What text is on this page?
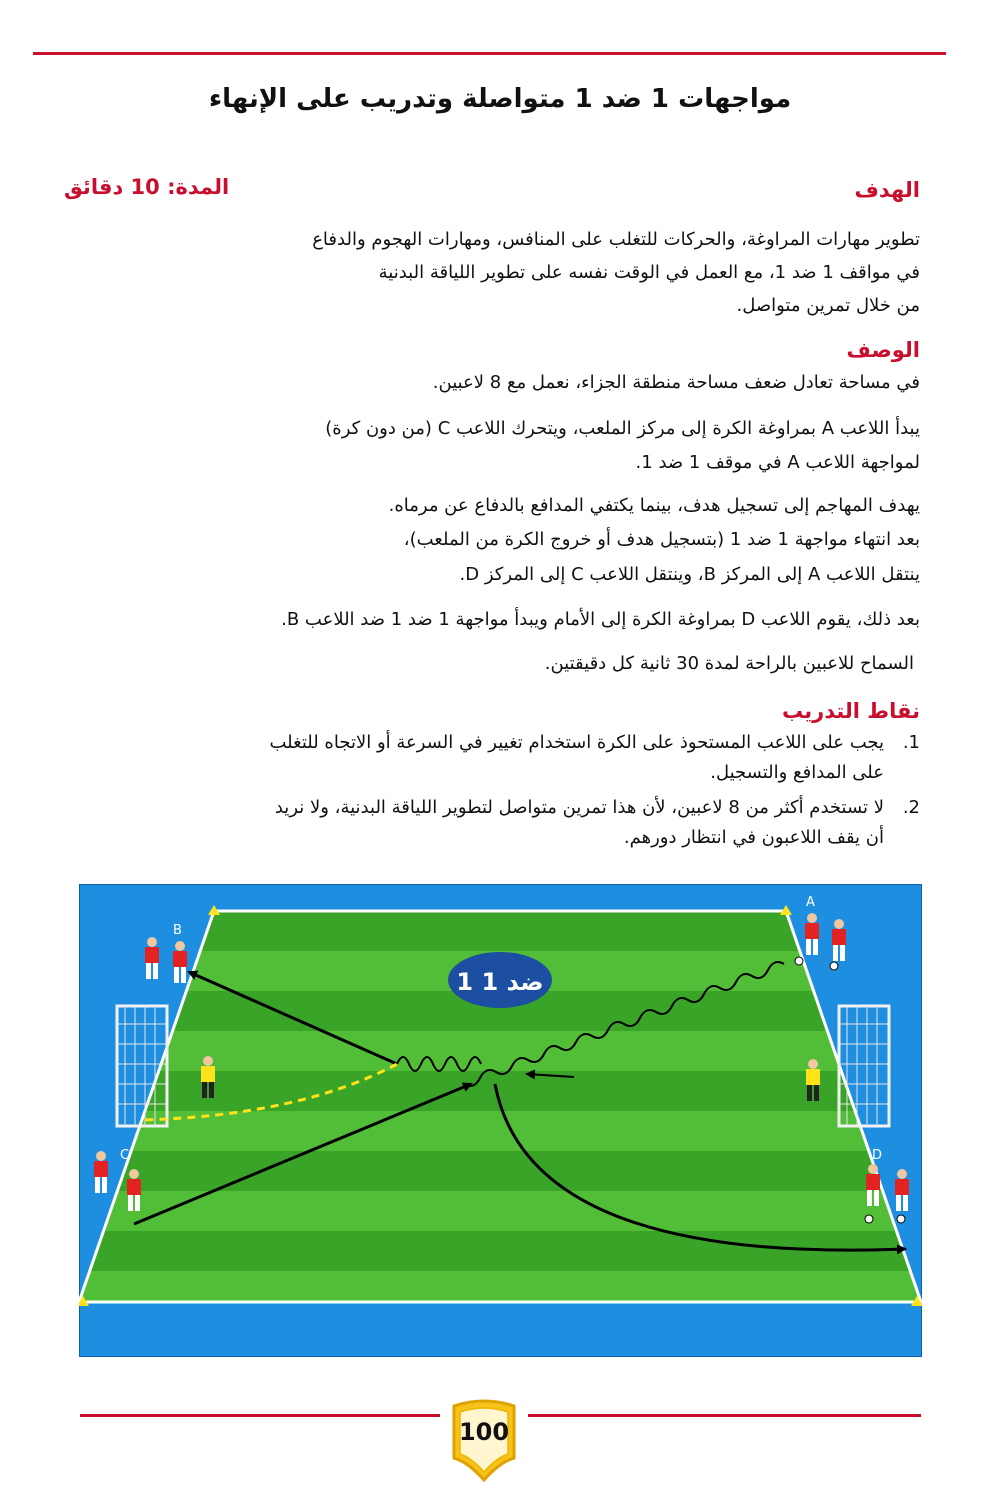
مواجهات 1 ضد 1 متواصلة وتدريب على الإنهاء
المدة: 10 دقائق	الهدف

تطوير مهارات المراوغة، والحركات للتغلب على المنافس، ومهارات الهجوم والدفاع

في مواقف 1 ضد 1، مع العمل في الوقت نفسه على تطوير اللياقة البدنية

من خلال تمرين متواصل.

الوصف

في مساحة تعادل ضعف مساحة منطقة الجزاء، نعمل مع 8 لاعبين.

يبدأ اللاعب A بمراوغة الكرة إلى مركز الملعب، ويتحرك اللاعب C (من دون كرة)

لمواجهة اللاعب A في موقف 1 ضد 1.

يهدف المهاجم إلى تسجيل هدف، بينما يكتفي المدافع بالدفاع عن مرماه.

بعد انتهاء مواجهة 1 ضد 1 (بتسجيل هدف أو خروج الكرة من الملعب)،

ينتقل اللاعب A إلى المركز B، وينتقل اللاعب C إلى المركز D.

بعد ذلك، يقوم اللاعب D بمراوغة الكرة إلى الأمام ويبدأ مواجهة 1 ضد 1 ضد اللاعب B.

السماح للاعبين بالراحة لمدة 30 ثانية كل دقيقتين.

نقاط التدريب
1.
يجب على اللاعب المستحوذ على الكرة استخدام تغيير في السرعة أو الاتجاه للتغلب على المدافع والتسجيل.
2.
لا تستخدم أكثر من 8 لاعبين، لأن هذا تمرين متواصل لتطوير اللياقة البدنية، ولا نريد أن يقف اللاعبون في انتظار دورهم.
1 ضد 1
A
B
C	D
100
